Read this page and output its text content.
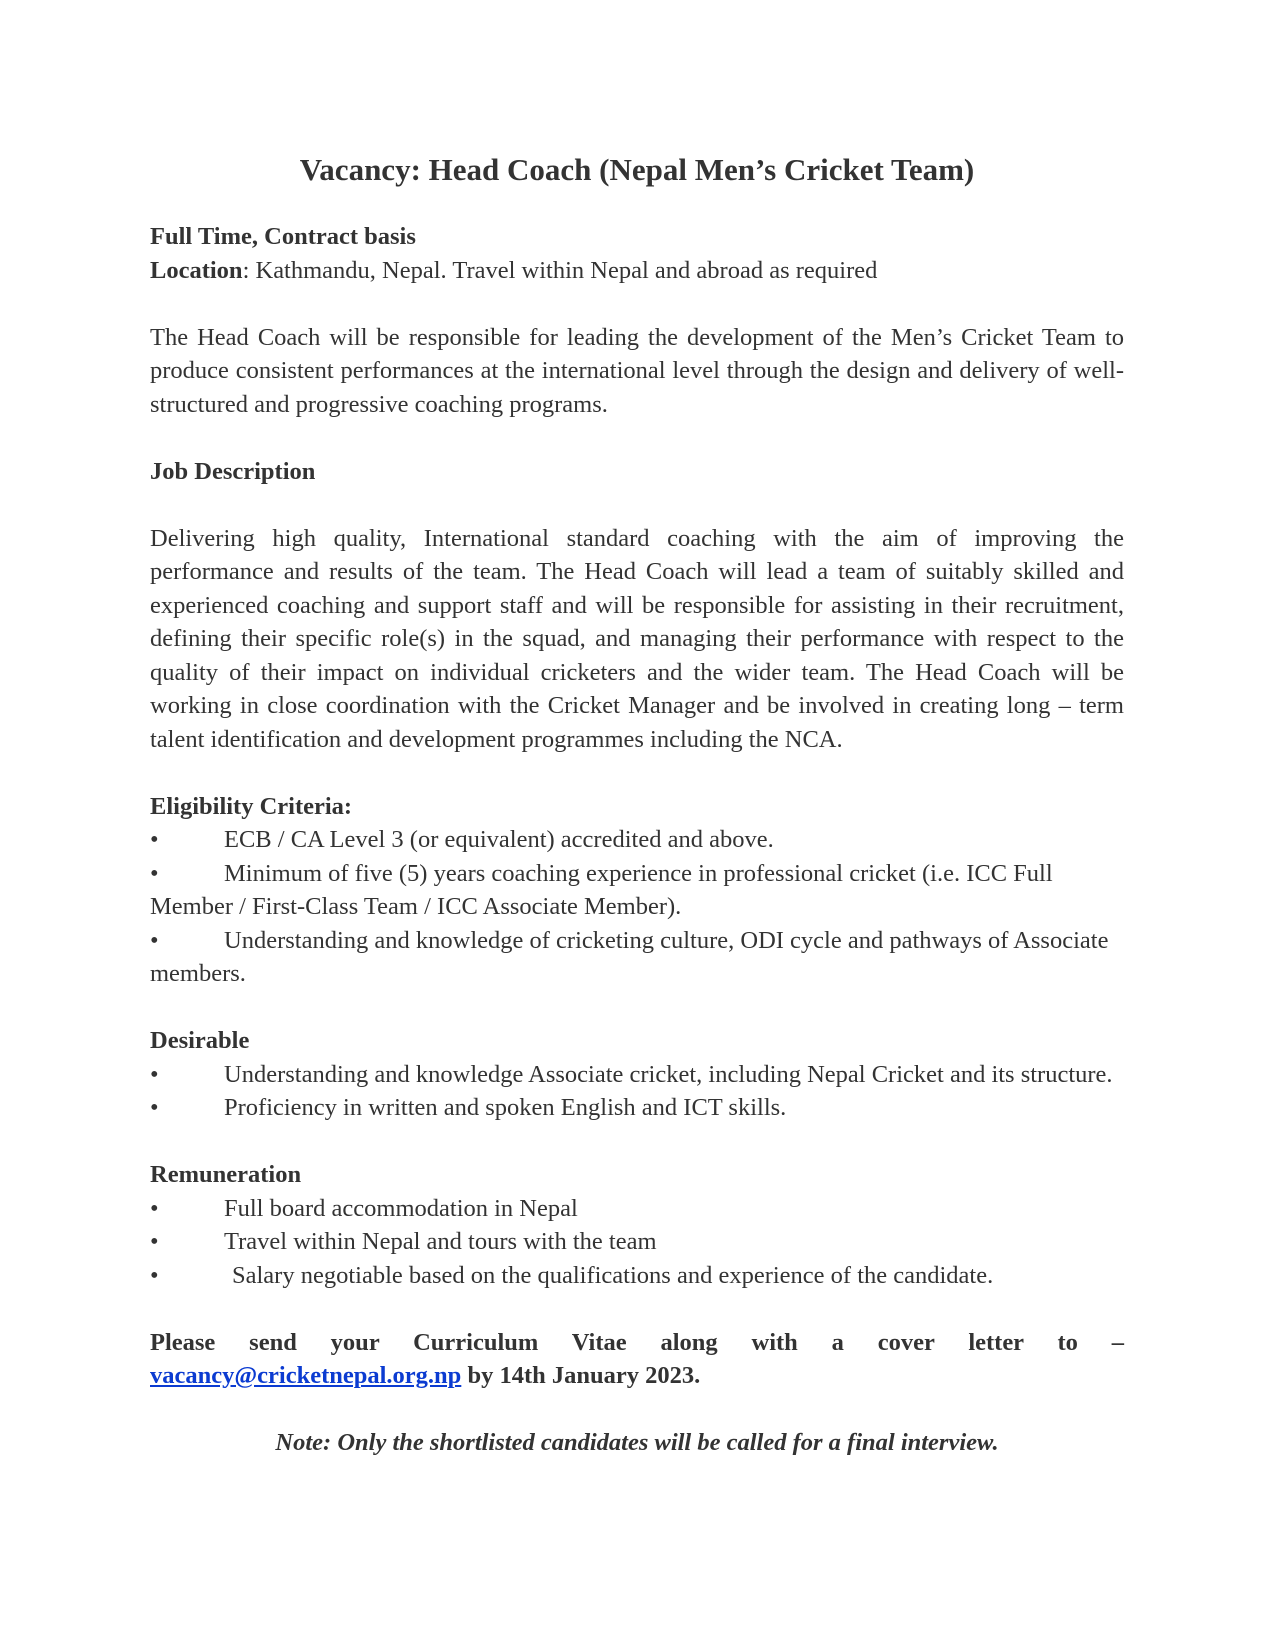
Vacancy: Head Coach (Nepal Men’s Cricket Team)

Full Time, Contract basis

Location: Kathmandu, Nepal. Travel within Nepal and abroad as required

The Head Coach will be responsible for leading the development of the Men’s Cricket Team to produce consistent performances at the international level through the design and delivery of well-structured and progressive coaching programs.

Job Description

Delivering high quality, International standard coaching with the aim of improving the performance and results of the team. The Head Coach will lead a team of suitably skilled and experienced coaching and support staff and will be responsible for assisting in their recruitment, defining their specific role(s) in the squad, and managing their performance with respect to the quality of their impact on individual cricketers and the wider team. The Head Coach will be working in close coordination with the Cricket Manager and be involved in creating long – term talent identification and development programmes including the NCA.

Eligibility Criteria:

•	ECB / CA Level 3 (or equivalent) accredited and above.

•	Minimum of five (5) years coaching experience in professional cricket (i.e. ICC Full Member / First-Class Team / ICC Associate Member).

•	Understanding and knowledge of cricketing culture, ODI cycle and pathways of Associate members.

Desirable

•	Understanding and knowledge Associate cricket, including Nepal Cricket and its structure.

•	Proficiency in written and spoken English and ICT skills.

Remuneration

•	Full board accommodation in Nepal

•	Travel within Nepal and tours with the team

•	Salary negotiable based on the qualifications and experience of the candidate.

Please send your Curriculum Vitae along with a cover letter to –
vacancy@cricketnepal.org.np by 14th January 2023.

Note: Only the shortlisted candidates will be called for a final interview.
